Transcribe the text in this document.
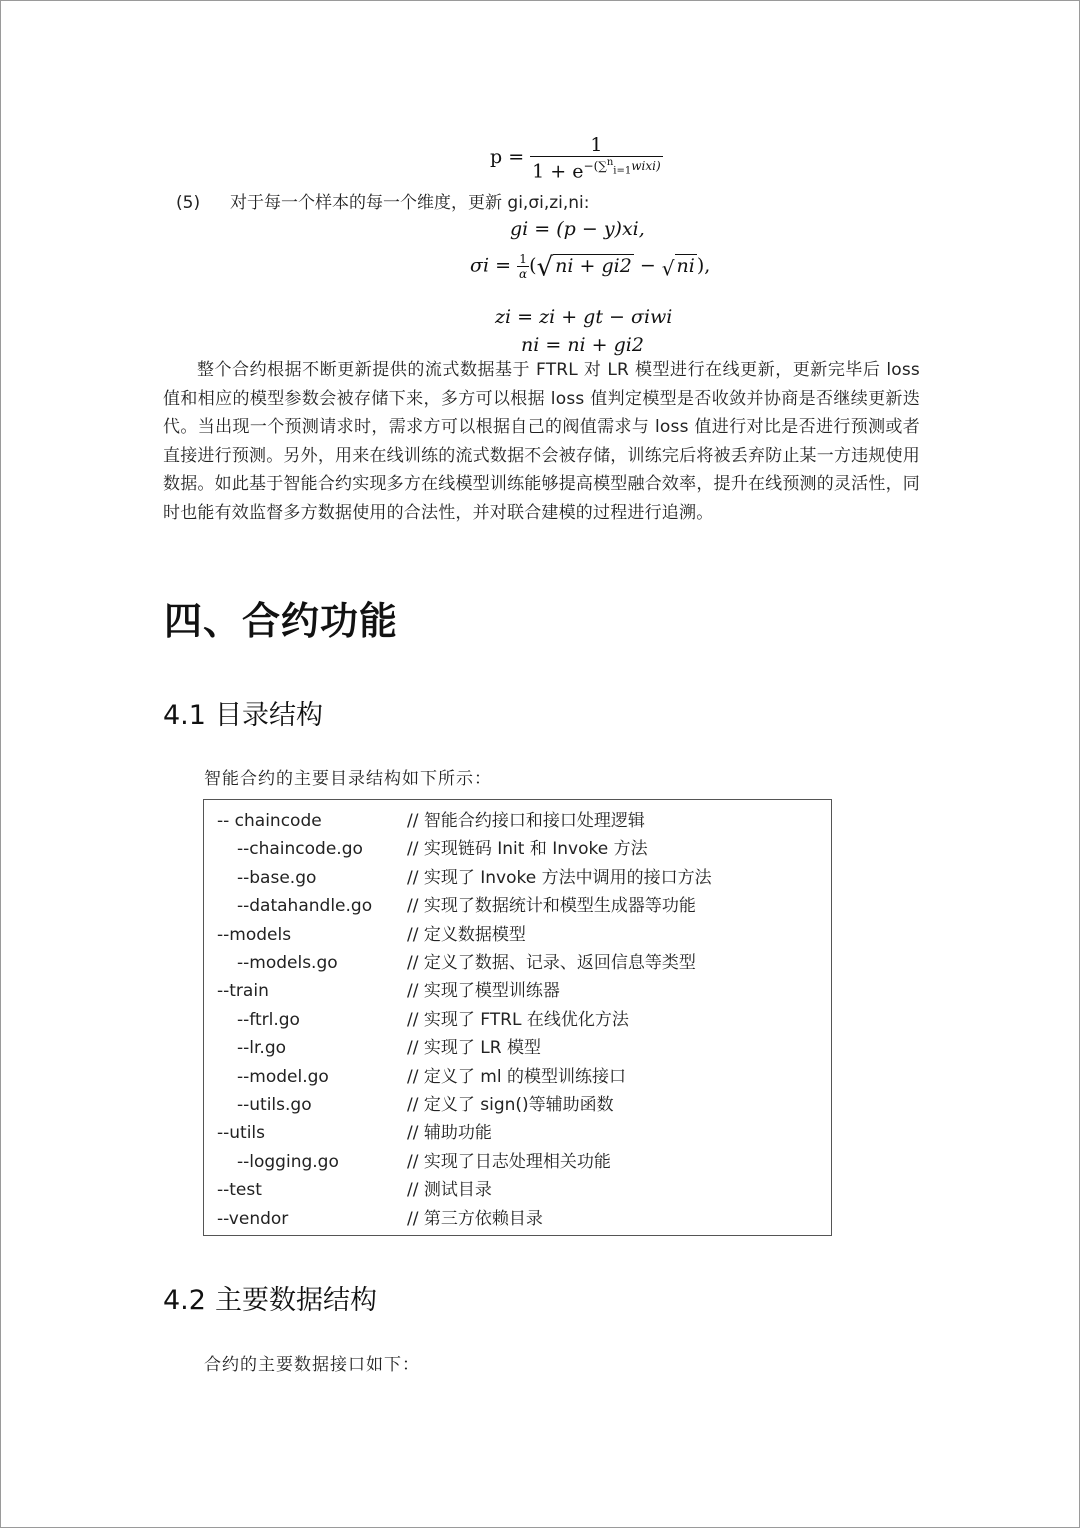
$p = \frac{1}{1 + e^{-(\sum^n_{i=1}wixi)}}$
(5) 对于每一个样本的每一个维度，更新 gi,σi,zi,ni:
gi = (p − y)xi,
$\sigma i = \frac{1}{\alpha}$ (√ ni + gi2 − √ ni ),
zi = zi + gt − σiwi
ni = ni + gi2
整个合约根据不断更新提供的流式数据基于 FTRL 对 LR 模型进行在线更新，更新完毕后 loss 值和相应的模型参数会被存储下来，多方可以根据 loss 值判定模型是否收敛并协商是否继续更新迭代。当出现一个预测请求时，需求方可以根据自己的阀值需求与 loss 值进行对比是否进行预测或者直接进行预测。另外，用来在线训练的流式数据不会被存储，训练完后将被丢弃防止某一方违规使用数据。如此基于智能合约实现多方在线模型训练能够提高模型融合效率，提升在线预测的灵活性，同时也能有效监督多方数据使用的合法性，并对联合建模的过程进行追溯。
四、合约功能
4.1 目录结构
智能合约的主要目录结构如下所示：
-- chaincode	// 智能合约接口和接口处理逻辑
--chaincode.go	// 实现链码 Init 和 Invoke 方法
--base.go	// 实现了 Invoke 方法中调用的接口方法
--datahandle.go // 实现了数据统计和模型生成器等功能
--models	// 定义数据模型
--models.go	// 定义了数据、记录、返回信息等类型
--train	// 实现了模型训练器
--ftrl.go	// 实现了 FTRL 在线优化方法
--lr.go	// 实现了 LR 模型
--model.go	// 定义了 ml 的模型训练接口
--utils.go	// 定义了 sign()等辅助函数
--utils	// 辅助功能
--logging.go	// 实现了日志处理相关功能
--test	// 测试目录
--vendor	// 第三方依赖目录
4.2 主要数据结构
合约的主要数据接口如下：
